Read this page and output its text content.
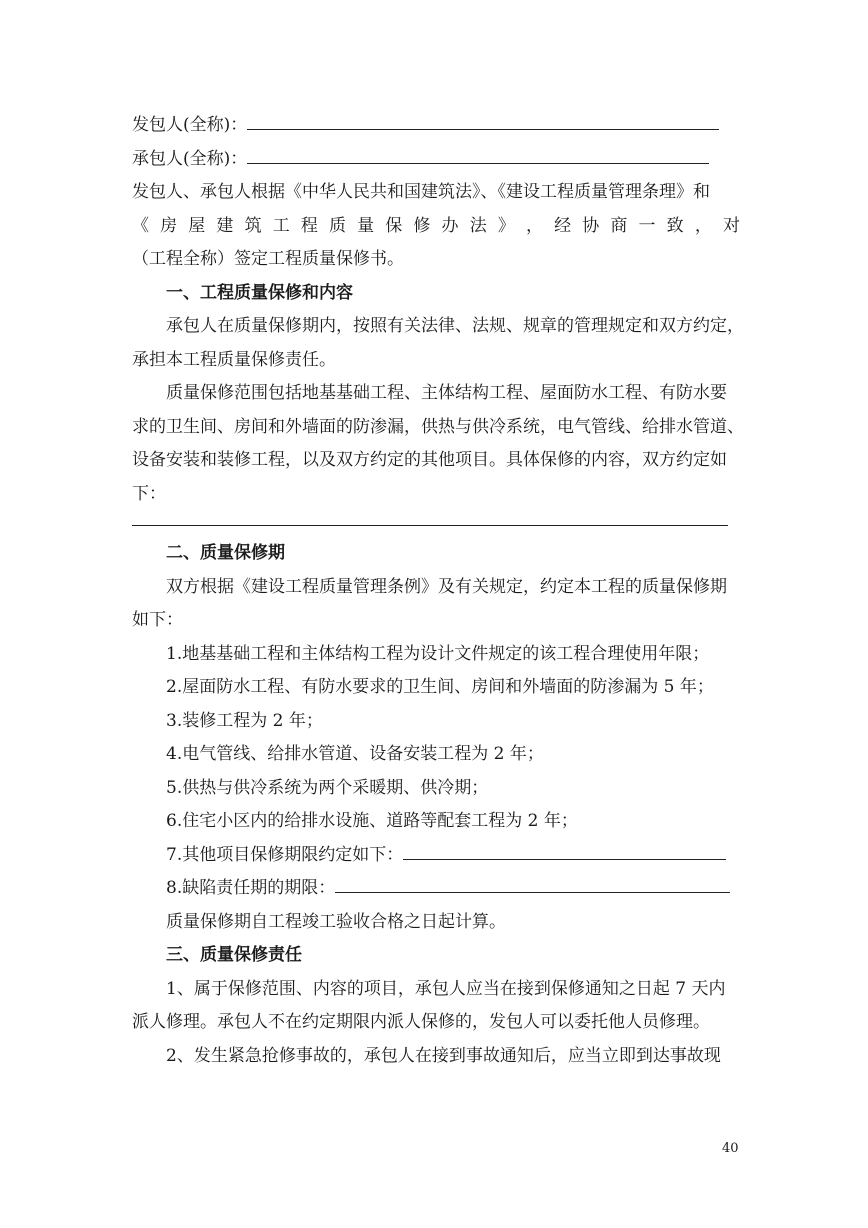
发包人(全称)：
承包人(全称)：
发包人、承包人根据《中华人民共和国建筑法》、《建设工程质量管理条理》和
《 房 屋 建 筑 工 程 质 量 保 修 办 法 》 ， 经 协 商 一 致 ， 对
（工程全称）签定工程质量保修书。
一、工程质量保修和内容
承包人在质量保修期内，按照有关法律、法规、规章的管理规定和双方约定，
承担本工程质量保修责任。
质量保修范围包括地基基础工程、主体结构工程、屋面防水工程、有防水要
求的卫生间、房间和外墙面的防渗漏，供热与供冷系统，电气管线、给排水管道、
设备安装和装修工程，以及双方约定的其他项目。具体保修的内容，双方约定如
下：
二、质量保修期
双方根据《建设工程质量管理条例》及有关规定，约定本工程的质量保修期
如下：
1.地基基础工程和主体结构工程为设计文件规定的该工程合理使用年限；
2.屋面防水工程、有防水要求的卫生间、房间和外墙面的防渗漏为 5 年；
3.装修工程为 2 年；
4.电气管线、给排水管道、设备安装工程为 2 年；
5.供热与供冷系统为两个采暖期、供冷期；
6.住宅小区内的给排水设施、道路等配套工程为 2 年；
7.其他项目保修期限约定如下：
8.缺陷责任期的期限：
质量保修期自工程竣工验收合格之日起计算。
三、质量保修责任
1、属于保修范围、内容的项目，承包人应当在接到保修通知之日起 7 天内
派人修理。承包人不在约定期限内派人保修的，发包人可以委托他人员修理。
2、发生紧急抢修事故的，承包人在接到事故通知后，应当立即到达事故现
40
